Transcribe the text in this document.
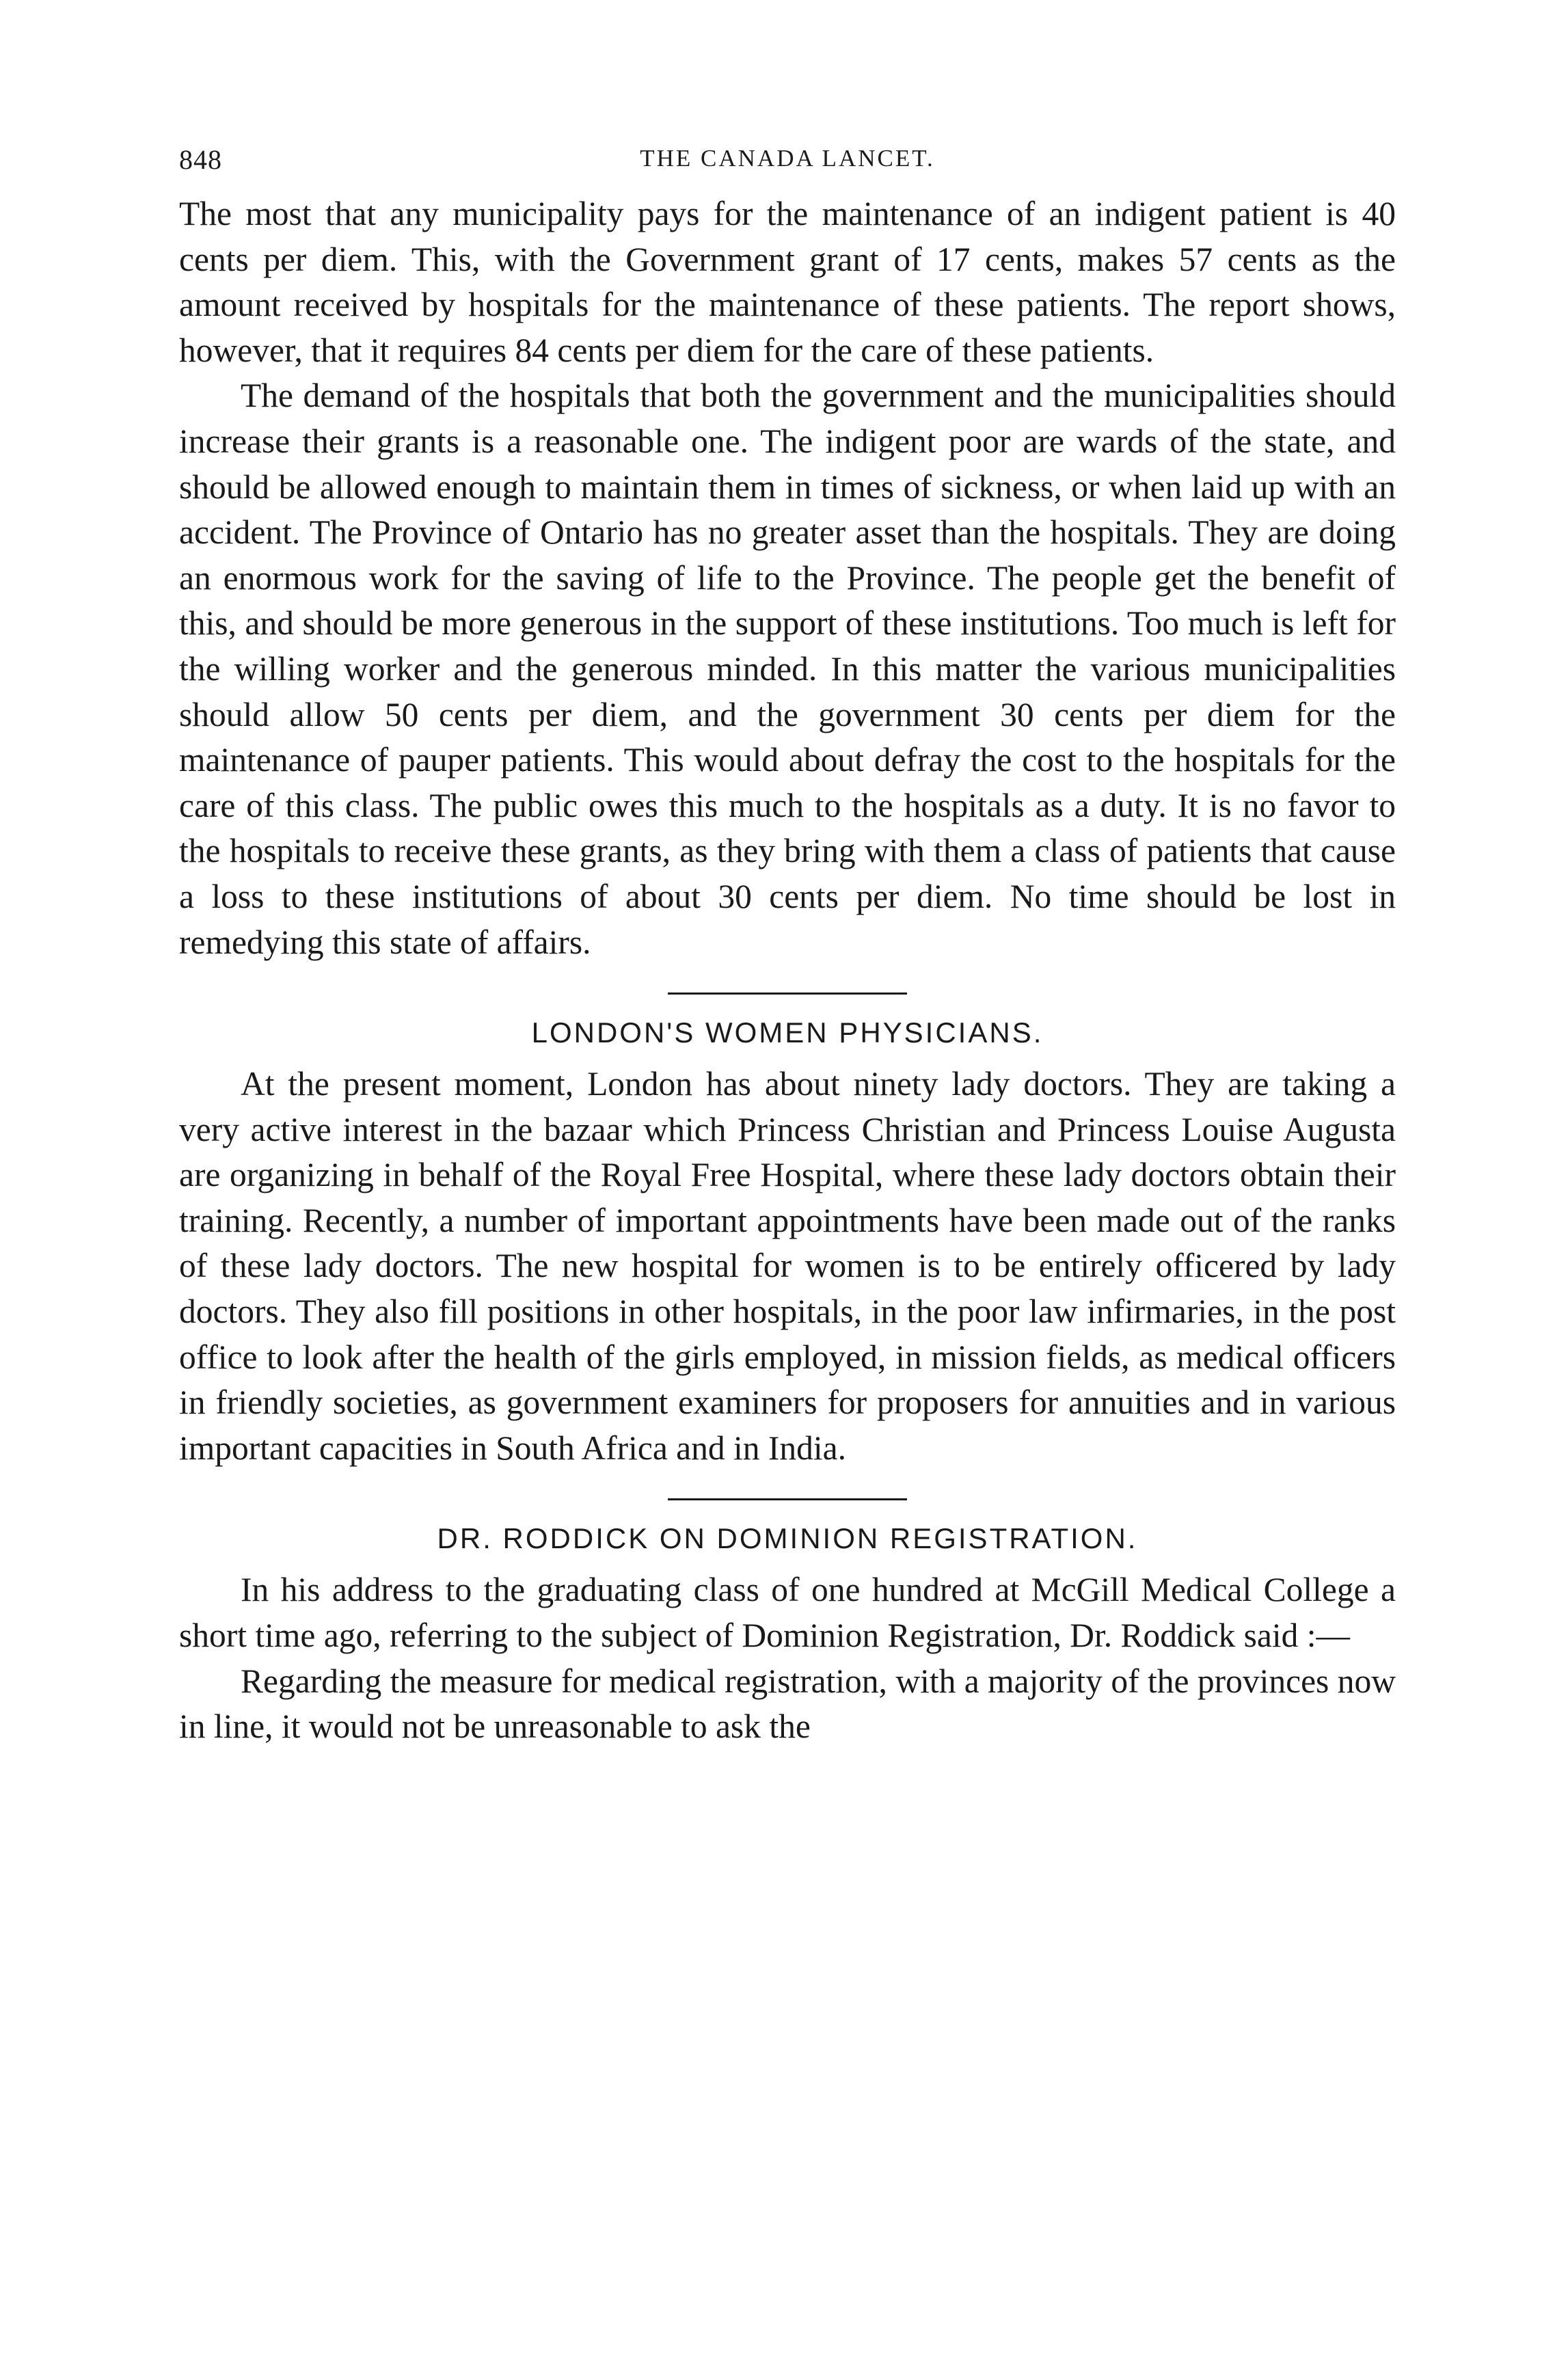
848	THE CANADA LANCET.

The most that any municipality pays for the maintenance of an indigent patient is 40 cents per diem. This, with the Government grant of 17 cents, makes 57 cents as the amount received by hospitals for the maintenance of these patients. The report shows, however, that it requires 84 cents per diem for the care of these patients.

The demand of the hospitals that both the government and the municipalities should increase their grants is a reasonable one. The indigent poor are wards of the state, and should be allowed enough to maintain them in times of sickness, or when laid up with an accident. The Province of Ontario has no greater asset than the hospitals. They are doing an enormous work for the saving of life to the Province. The people get the benefit of this, and should be more generous in the support of these institutions. Too much is left for the willing worker and the generous minded. In this matter the various municipalities should allow 50 cents per diem, and the government 30 cents per diem for the maintenance of pauper patients. This would about defray the cost to the hospitals for the care of this class. The public owes this much to the hospitals as a duty. It is no favor to the hospitals to receive these grants, as they bring with them a class of patients that cause a loss to these institutions of about 30 cents per diem. No time should be lost in remedying this state of affairs.

LONDON'S WOMEN PHYSICIANS.

At the present moment, London has about ninety lady doctors. They are taking a very active interest in the bazaar which Princess Christian and Princess Louise Augusta are organizing in behalf of the Royal Free Hospital, where these lady doctors obtain their training. Recently, a number of important appointments have been made out of the ranks of these lady doctors. The new hospital for women is to be entirely officered by lady doctors. They also fill positions in other hospitals, in the poor law infirmaries, in the post office to look after the health of the girls employed, in mission fields, as medical officers in friendly societies, as government examiners for proposers for annuities and in various important capacities in South Africa and in India.

DR. RODDICK ON DOMINION REGISTRATION.

In his address to the graduating class of one hundred at McGill Medical College a short time ago, referring to the subject of Dominion Registration, Dr. Roddick said :—

Regarding the measure for medical registration, with a majority of the provinces now in line, it would not be unreasonable to ask the
